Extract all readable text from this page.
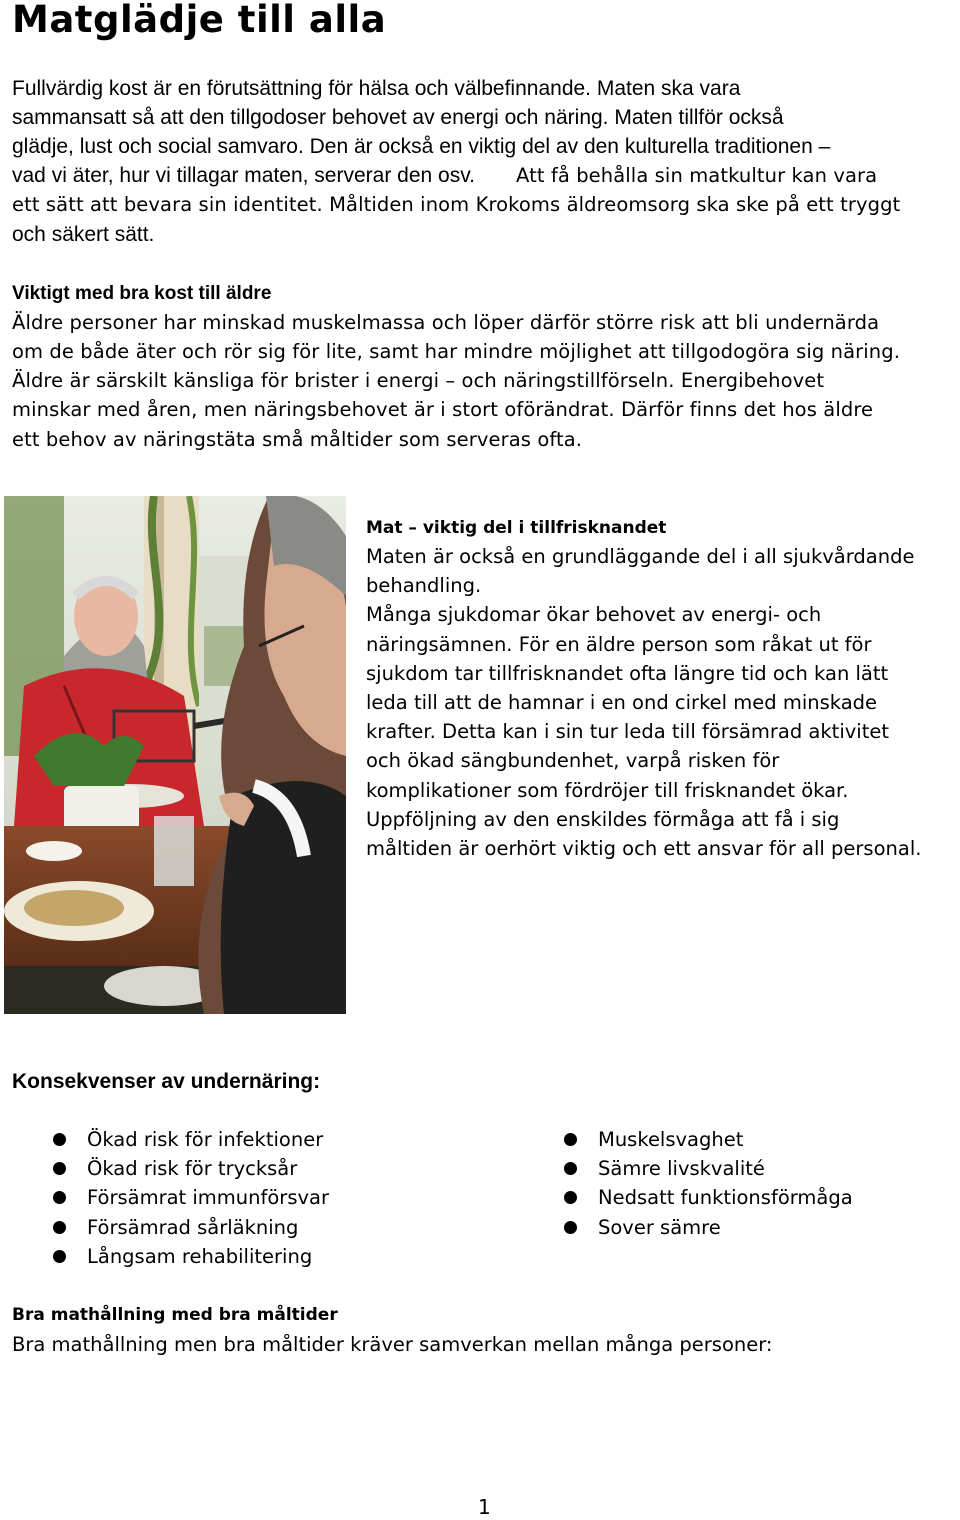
Matglädje till alla

Fullvärdig kost är en förutsättning för hälsa och välbefinnande. Maten ska vara

sammansatt så att den tillgodoser behovet av energi och näring. Maten tillför också

glädje, lust och social samvaro. Den är också en viktig del av den kulturella traditionen –

vad vi äter, hur vi tillagar maten, serverar den osv. Att få behålla sin matkultur kan vara

ett sätt att bevara sin identitet. Måltiden inom Krokoms äldreomsorg ska ske på ett tryggt

och säkert sätt.

Viktigt med bra kost till äldre

Äldre personer har minskad muskelmassa och löper därför större risk att bli undernärda

om de både äter och rör sig för lite, samt har mindre möjlighet att tillgodogöra sig näring.

Äldre är särskilt känsliga för brister i energi – och näringstillförseln. Energibehovet

minskar med åren, men näringsbehovet är i stort oförändrat. Därför finns det hos äldre

ett behov av näringstäta små måltider som serveras ofta.

Mat – viktig del i tillfrisknandet
Maten är också en grundläggande del i all sjukvårdande
behandling.
Många sjukdomar ökar behovet av energi- och
näringsämnen. För en äldre person som råkat ut för
sjukdom tar tillfrisknandet ofta längre tid och kan lätt
leda till att de hamnar i en ond cirkel med minskade
krafter. Detta kan i sin tur leda till försämrad aktivitet
och ökad sängbundenhet, varpå risken för
komplikationer som fördröjer till frisknandet ökar.
Uppföljning av den enskildes förmåga att få i sig
måltiden är oerhört viktig och ett ansvar för all personal.
Konsekvenser av undernäring:
Ökad risk för infektioner
Ökad risk för trycksår
Försämrat immunförsvar
Försämrad sårläkning
Långsam rehabilitering
Muskelsvaghet
Sämre livskvalité
Nedsatt funktionsförmåga
Sover sämre
Bra mathållning med bra måltider

Bra mathållning men bra måltider kräver samverkan mellan många personer:

1
